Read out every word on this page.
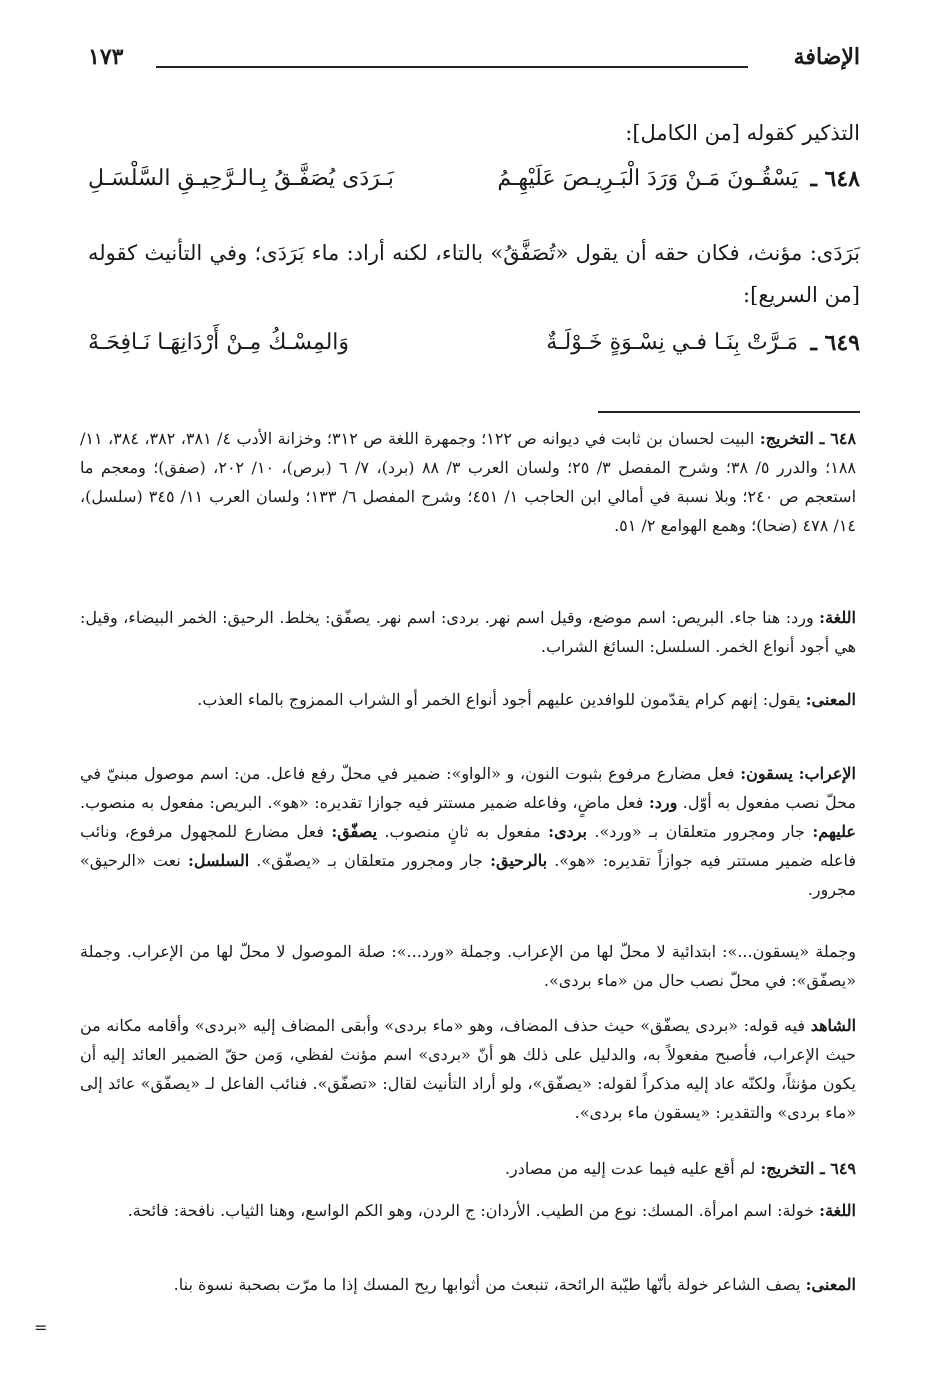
الإضافة
١٧٣
التذكير كقوله [من الكامل]:
٦٤٨ ـ
يَسْقُـونَ مَـنْ وَرَدَ الْبَـرِيـصَ عَلَيْهِـمُ
بَـرَدَى يُصَفَّـقُ بِـالـرَّحِيـقِ السَّلْسَـلِ
بَرَدَى: مؤنث، فكان حقه أن يقول «تُصَفَّقُ» بالتاء، لكنه أراد: ماء بَرَدَى؛ وفي التأنيث كقوله [من السريع]:
٦٤٩ ـ
مَـرَّتْ بِنَـا فـي نِسْـوَةٍ خَـوْلَـةٌ
وَالمِسْـكُ مِـنْ أَرْدَانِهَـا نَـافِحَـهْ
٦٤٨ ـ التخريج: البيت لحسان بن ثابت في ديوانه ص ١٢٢؛ وجمهرة اللغة ص ٣١٢؛ وخزانة الأدب ٤/ ٣٨١، ٣٨٢، ٣٨٤، ١١/ ١٨٨؛ والدرر ٥/ ٣٨؛ وشرح المفصل ٣/ ٢٥؛ ولسان العرب ٣/ ٨٨ (برد)، ٧/ ٦ (برص)، ١٠/ ٢٠٢، (صفق)؛ ومعجم ما استعجم ص ٢٤٠؛ وبلا نسبة في أمالي ابن الحاجب ١/ ٤٥١؛ وشرح المفصل ٦/ ١٣٣؛ ولسان العرب ١١/ ٣٤٥ (سلسل)، ١٤/ ٤٧٨ (ضحا)؛ وهمع الهوامع ٢/ ٥١.
اللغة: ورد: هنا جاء. البريص: اسم موضع، وقيل اسم نهر. بردى: اسم نهر. يصفّق: يخلط. الرحيق: الخمر البيضاء، وقيل: هي أجود أنواع الخمر. السلسل: السائغ الشراب.
المعنى: يقول: إنهم كرام يقدّمون للوافدين عليهم أجود أنواع الخمر أو الشراب الممزوج بالماء العذب.
الإعراب: يسقون: فعل مضارع مرفوع بثبوت النون، و «الواو»: ضمير في محلّ رفع فاعل. من: اسم موصول مبنيّ في محلّ نصب مفعول به أوّل. ورد: فعل ماضٍ، وفاعله ضمير مستتر فيه جوازا تقديره: «هو». البريص: مفعول به منصوب. عليهم: جار ومجرور متعلقان بـ «ورد». بردى: مفعول به ثانٍ منصوب. يصفّق: فعل مضارع للمجهول مرفوع، ونائب فاعله ضمير مستتر فيه جوازاً تقديره: «هو». بالرحيق: جار ومجرور متعلقان بـ «يصفّق». السلسل: نعت «الرحيق» مجرور.
وجملة «يسقون...»: ابتدائية لا محلّ لها من الإعراب. وجملة «ورد...»: صلة الموصول لا محلّ لها من الإعراب. وجملة «يصفّق»: في محلّ نصب حال من «ماء بردى».
الشاهد فيه قوله: «بردى يصفّق» حيث حذف المضاف، وهو «ماء بردى» وأبقى المضاف إليه «بردى» وأقامه مكانه من حيث الإعراب، فأصبح مفعولاً به، والدليل على ذلك هو أنّ «بردى» اسم مؤنث لفظي، وَمن حقّ الضمير العائد إليه أن يكون مؤنثاً، ولكنّه عاد إليه مذكراً لقوله: «يصفّق»، ولو أراد التأنيث لقال: «تصفّق». فنائب الفاعل لـ «يصفّق» عائد إلى «ماء بردى» والتقدير: «يسقون ماء بردى».
٦٤٩ ـ التخريج: لم أقع عليه فيما عدت إليه من مصادر.
اللغة: خولة: اسم امرأة. المسك: نوع من الطيب. الأردان: ج الردن، وهو الكم الواسع، وهنا الثياب. نافحة: فائحة.
المعنى: يصف الشاعر خولة بأنّها طيّبة الرائحة، تنبعث من أثوابها ريح المسك إذا ما مرّت بصحبة نسوة بنا.
=
